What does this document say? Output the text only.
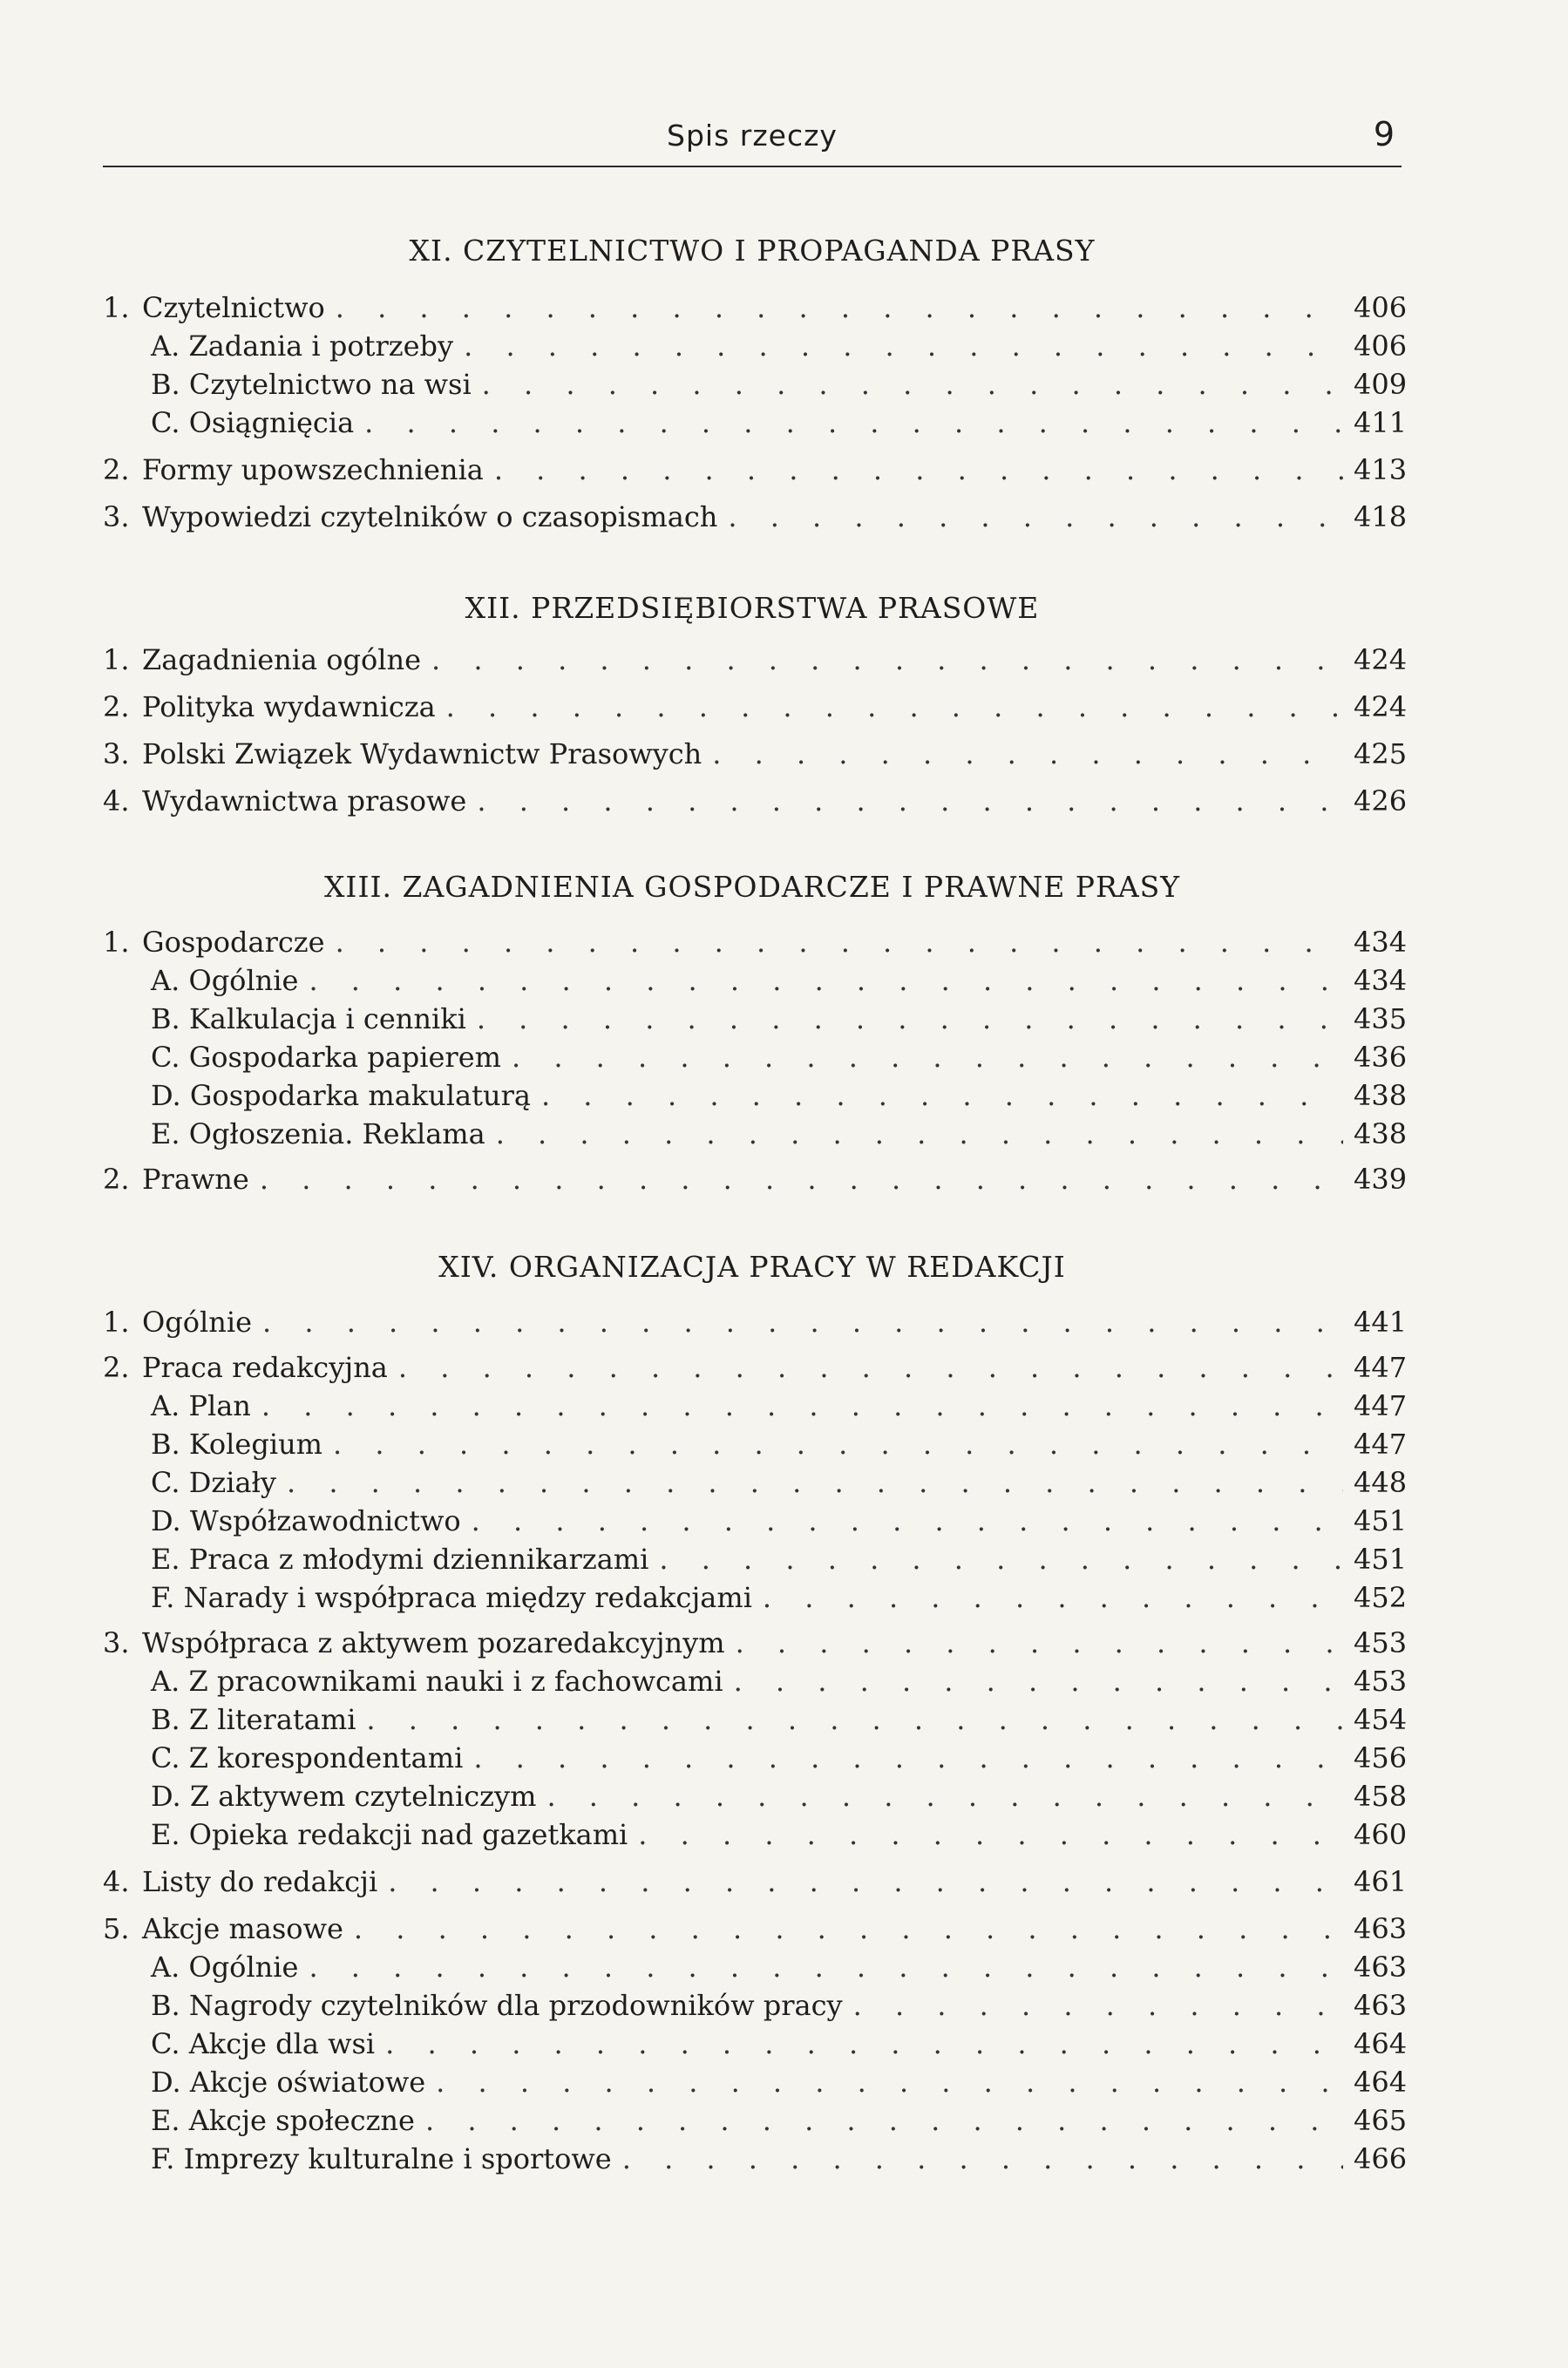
Spis rzeczy	9
XI. CZYTELNICTWO I PROPAGANDA PRASY
1. Czytelnictwo . . .	406
A. Zadania i potrzeby . . .	406
B. Czytelnictwo na wsi . . .	409
C. Osiągnięcia . . .	411
2. Formy upowszechnienia . . .	413
3. Wypowiedzi czytelników o czasopismach . . .	418
XII. PRZEDSIĘBIORSTWA PRASOWE
1. Zagadnienia ogólne . . .	424
2. Polityka wydawnicza . . .	424
3. Polski Związek Wydawnictw Prasowych . . .	425
4. Wydawnictwa prasowe . . .	426
XIII. ZAGADNIENIA GOSPODARCZE I PRAWNE PRASY
1. Gospodarcze . . .	434
A. Ogólnie . . .	434
B. Kalkulacja i cenniki . . .	435
C. Gospodarka papierem . . .	436
D. Gospodarka makulaturą . . .	438
E. Ogłoszenia. Reklama . . .	438
2. Prawne . . .	439
XIV. ORGANIZACJA PRACY W REDAKCJI
1. Ogólnie . . .	441
2. Praca redakcyjna . . .	447
A. Plan . . .	447
B. Kolegium . . .	447
C. Działy . . .	448
D. Współzawodnictwo . . .	451
E. Praca z młodymi dziennikarzami . . .	451
F. Narady i współpraca między redakcjami . . .	452
3. Współpraca z aktywem pozaredakcyjnym . . .	453
A. Z pracownikami nauki i z fachowcami . . .	453
B. Z literatami . . .	454
C. Z korespondentami . . .	456
D. Z aktywem czytelniczym . . .	458
E. Opieka redakcji nad gazetkami . . .	460
4. Listy do redakcji . . .	461
5. Akcje masowe . . .	463
A. Ogólnie . . .	463
B. Nagrody czytelników dla przodowników pracy . . .	463
C. Akcje dla wsi . . .	464
D. Akcje oświatowe . . .	464
E. Akcje społeczne . . .	465
F. Imprezy kulturalne i sportowe . . .	466
